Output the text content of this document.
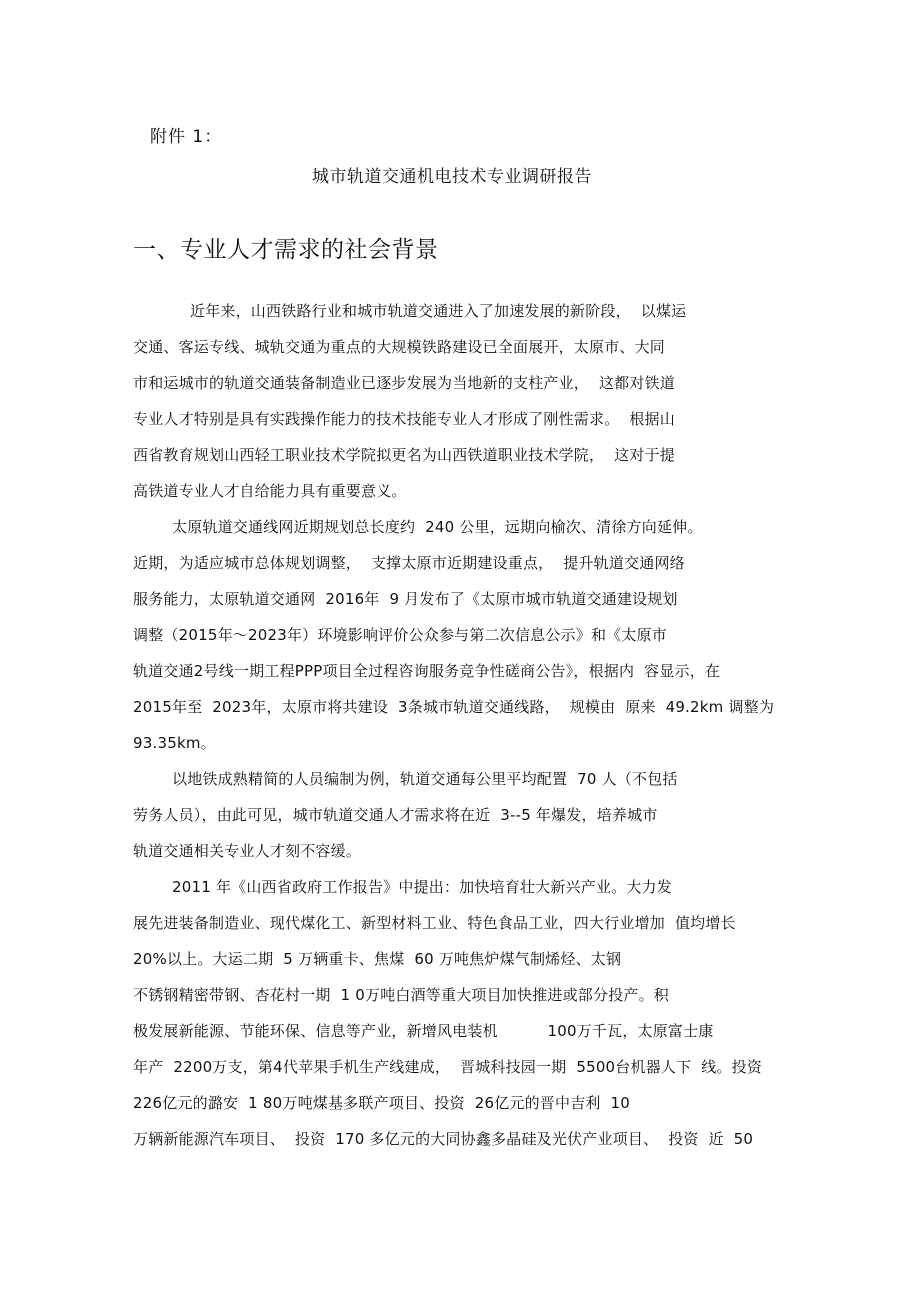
附件 1：
城市轨道交通机电技术专业调研报告
一、专业人才需求的社会背景
近年来，山西铁路行业和城市轨道交通进入了加速发展的新阶段，  以煤运
交通、客运专线、城轨交通为重点的大规模铁路建设已全面展开，太原市、大同
市和运城市的轨道交通装备制造业已逐步发展为当地新的支柱产业，  这都对铁道
专业人才特别是具有实践操作能力的技术技能专业人才形成了刚性需求。  根据山
西省教育规划山西轻工职业技术学院拟更名为山西铁道职业技术学院，  这对于提
高铁道专业人才自给能力具有重要意义。
太原轨道交通线网近期规划总长度约  240 公里，远期向榆次、清徐方向延伸。
近期，为适应城市总体规划调整，  支撑太原市近期建设重点，  提升轨道交通网络
服务能力，太原轨道交通网  2016年  9 月发布了《太原市城市轨道交通建设规划
调整（2015年～2023年）环境影响评价公众参与第二次信息公示》和《太原市
轨道交通2号线一期工程PPP项目全过程咨询服务竞争性磋商公告》，根据内  容显示，在
2015年至  2023年，太原市将共建设  3条城市轨道交通线路，  规模由  原来  49.2km 调整为
93.35km。
以地铁成熟精简的人员编制为例，轨道交通每公里平均配置  70 人（不包括
劳务人员），由此可见，城市轨道交通人才需求将在近  3--5 年爆发，培养城市
轨道交通相关专业人才刻不容缓。
2011 年《山西省政府工作报告》中提出：加快培育壮大新兴产业。大力发
展先进装备制造业、现代煤化工、新型材料工业、特色食品工业，四大行业增加  值均增长
20%以上。大运二期  5 万辆重卡、焦煤  60 万吨焦炉煤气制烯烃、太钢
不锈钢精密带钢、杏花村一期  1 0万吨白酒等重大项目加快推进或部分投产。积
极发展新能源、节能环保、信息等产业，新增风电装机          100万千瓦，太原富士康
年产  2200万支，第4代苹果手机生产线建成，  晋城科技园一期  5500台机器人下  线。投资
226亿元的潞安  1 80万吨煤基多联产项目、投资  26亿元的晋中吉利  10
万辆新能源汽车项目、  投资  170 多亿元的大同协鑫多晶硅及光伏产业项目、  投资  近  50
